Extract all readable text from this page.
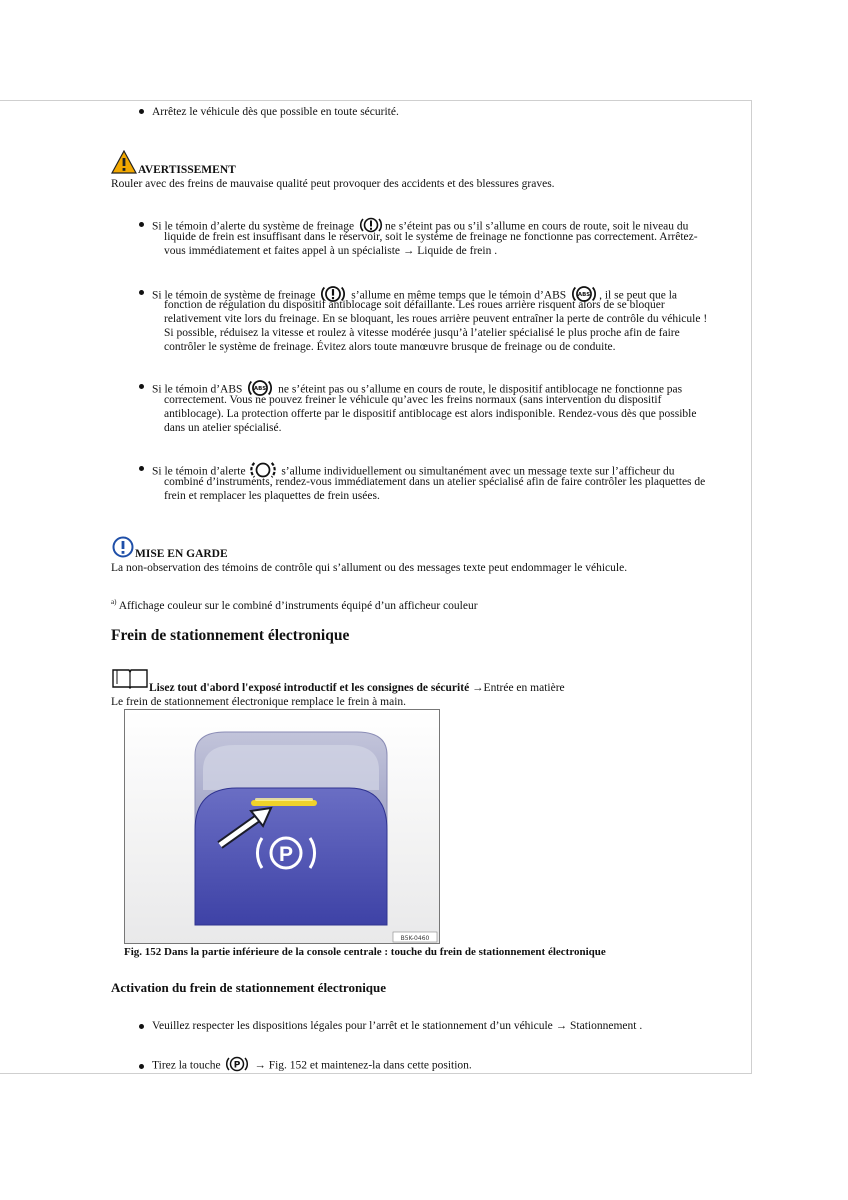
Arrêtez le véhicule dès que possible en toute sécurité.
AVERTISSEMENT
Rouler avec des freins de mauvaise qualité peut provoquer des accidents et des blessures graves.
Si le témoin d’alerte du système de freinage	ne s’éteint pas ou s’il s’allume en cours de route, soit le niveau du
liquide de frein est insuffisant dans le réservoir, soit le système de freinage ne fonctionne pas correctement. Arrêtez-
vous immédiatement et faites appel à un spécialiste → Liquide de frein .
Si le témoin de système de freinage	s’allume en même temps que le témoin d’ABS ABS , il se peut que la
fonction de régulation du dispositif antiblocage soit défaillante. Les roues arrière risquent alors de se bloquer
relativement vite lors du freinage. En se bloquant, les roues arrière peuvent entraîner la perte de contrôle du véhicule !
Si possible, réduisez la vitesse et roulez à vitesse modérée jusqu’à l’atelier spécialisé le plus proche afin de faire
contrôler le système de freinage. Évitez alors toute manœuvre brusque de freinage ou de conduite.
Si le témoin d’ABS ABS ne s’éteint pas ou s’allume en cours de route, le dispositif antiblocage ne fonctionne pas
correctement. Vous ne pouvez freiner le véhicule qu’avec les freins normaux (sans intervention du dispositif
antiblocage). La protection offerte par le dispositif antiblocage est alors indisponible. Rendez-vous dès que possible
dans un atelier spécialisé.
Si le témoin d’alerte	s’allume individuellement ou simultanément avec un message texte sur l’afficheur du
combiné d’instruments, rendez-vous immédiatement dans un atelier spécialisé afin de faire contrôler les plaquettes de
frein et remplacer les plaquettes de frein usées.
MISE EN GARDE
La non-observation des témoins de contrôle qui s’allument ou des messages texte peut endommager le véhicule.
$^{a)}$ Affichage couleur sur le combiné d’instruments équipé d’un afficheur couleur
Frein de stationnement électronique
Lisez tout d'abord l'exposé introductif et les consignes de sécurité →Entrée en matière
Le frein de stationnement électronique remplace le frein à main.
P
B5K-0460
Fig. 152 Dans la partie inférieure de la console centrale : touche du frein de stationnement électronique
Activation du frein de stationnement électronique
Veuillez respecter les dispositions légales pour l’arrêt et le stationnement d’un véhicule → Stationnement .
Tirez la touche P → Fig. 152 et maintenez-la dans cette position.
